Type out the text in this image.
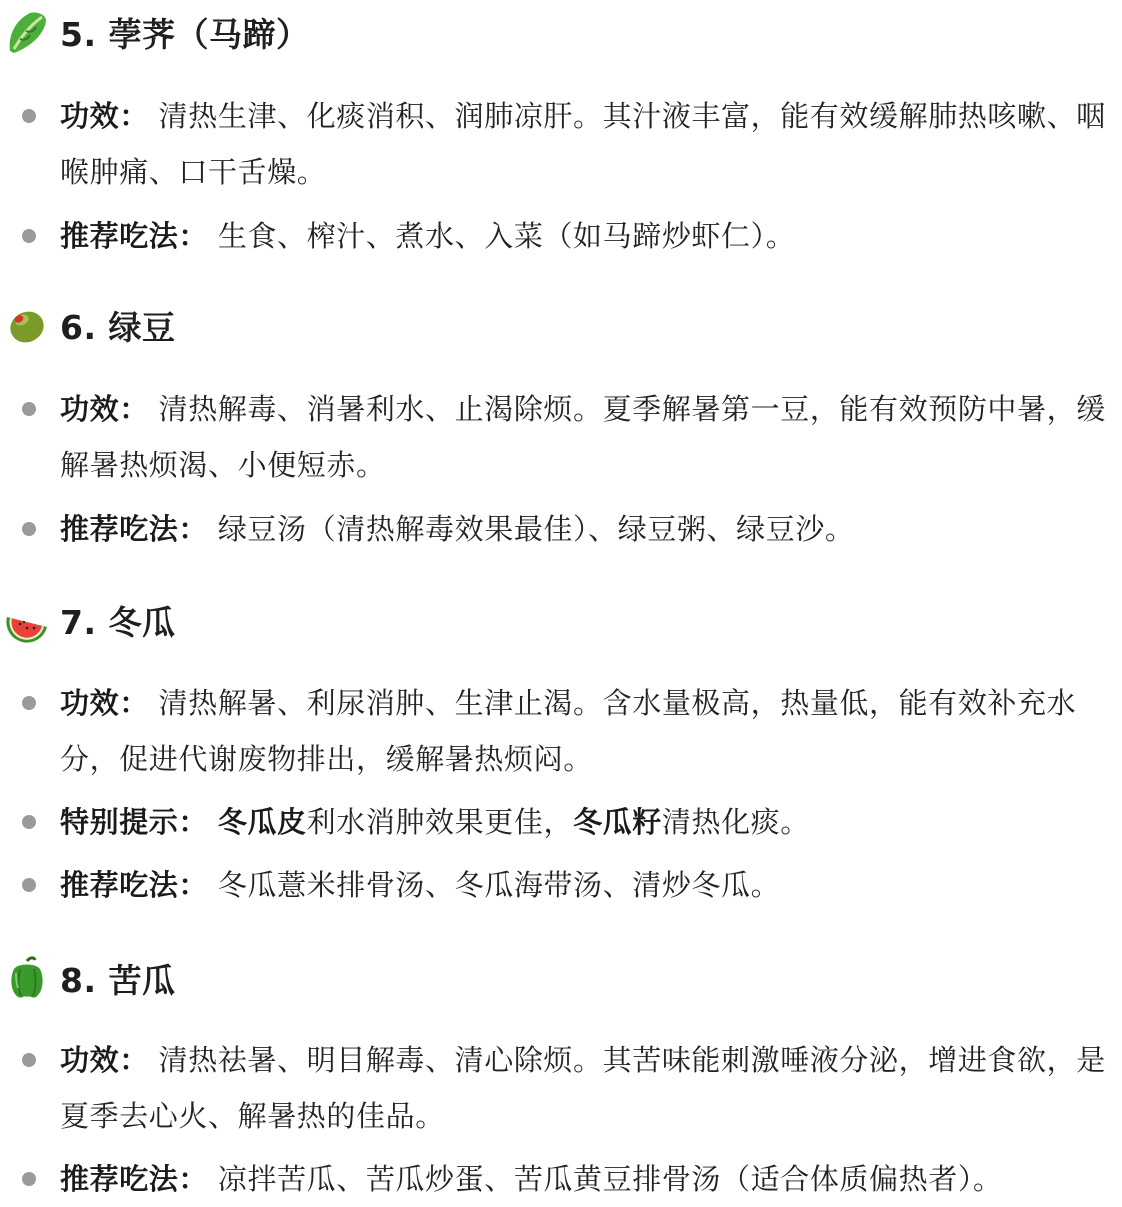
5. 荸荠（马蹄）
功效： 清热生津、化痰消积、润肺凉肝。其汁液丰富，能有效缓解肺热咳嗽、咽喉肿痛、口干舌燥。
推荐吃法： 生食、榨汁、煮水、入菜（如马蹄炒虾仁）。
6. 绿豆
功效： 清热解毒、消暑利水、止渴除烦。夏季解暑第一豆，能有效预防中暑，缓解暑热烦渴、小便短赤。
推荐吃法： 绿豆汤（清热解毒效果最佳）、绿豆粥、绿豆沙。
7. 冬瓜
功效： 清热解暑、利尿消肿、生津止渴。含水量极高，热量低，能有效补充水分，促进代谢废物排出，缓解暑热烦闷。
特别提示： 冬瓜皮利水消肿效果更佳，冬瓜籽清热化痰。
推荐吃法： 冬瓜薏米排骨汤、冬瓜海带汤、清炒冬瓜。
8. 苦瓜
功效： 清热祛暑、明目解毒、清心除烦。其苦味能刺激唾液分泌，增进食欲，是夏季去心火、解暑热的佳品。
推荐吃法： 凉拌苦瓜、苦瓜炒蛋、苦瓜黄豆排骨汤（适合体质偏热者）。
